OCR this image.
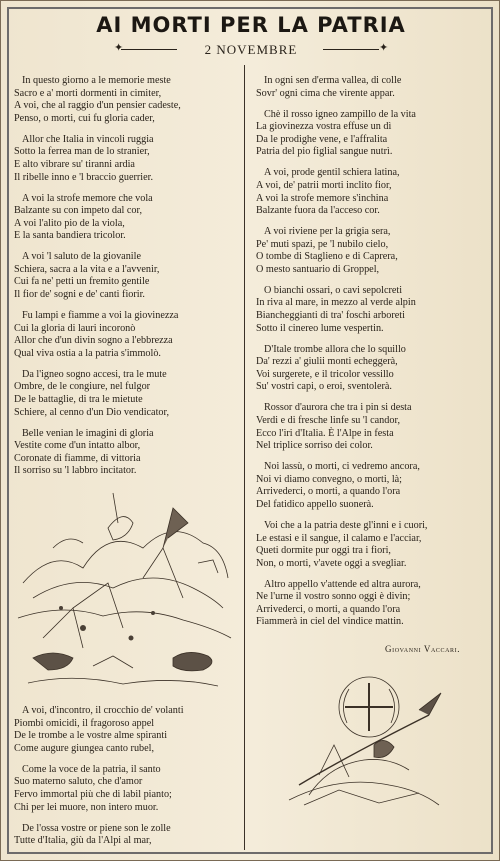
AI MORTI PER LA PATRIA
✦	2 NOVEMBRE	✦
In questo giorno a le memorie meste
Sacro e a' morti dormenti in cimiter,
A voi, che al raggio d'un pensier cadeste,
Penso, o morti, cui fu gloria cader,
Allor che Italia in vincoli ruggia
Sotto la ferrea man de lo stranier,
E alto vibrare su' tiranni ardia
Il ribelle inno e 'l braccio guerrier.
A voi la strofe memore che vola
Balzante su con impeto dal cor,
A voi l'alito pio de la viola,
E la santa bandiera tricolor.
A voi 'l saluto de la giovanile
Schiera, sacra a la vita e a l'avvenir,
Cui fa ne' petti un fremito gentile
Il fior de' sogni e de' canti fiorir.
Fu lampi e fiamme a voi la giovinezza
Cui la gloria di lauri incoronò
Allor che d'un divin sogno a l'ebbrezza
Qual viva ostia a la patria s'immolò.
Da l'igneo sogno accesi, tra le mute
Ombre, de le congiure, nel fulgor
De le battaglie, di tra le mietute
Schiere, al cenno d'un Dio vendicator,
Belle venian le imagini di gloria
Vestite come d'un intatto albor,
Coronate di fiamme, di vittoria
Il sorriso su 'l labbro incitator.
A voi, d'incontro, il crocchio de' volanti
Piombi omicidi, il fragoroso appel
De le trombe a le vostre alme spiranti
Come augure giungea canto rubel,
Come la voce de la patria, il santo
Suo materno saluto, che d'amor
Fervo immortal più che di labil pianto;
Chi per lei muore, non intero muor.
De l'ossa vostre or piene son le zolle
Tutte d'Italia, giù da l'Alpi al mar,
In ogni sen d'erma vallea, di colle
Sovr' ogni cima che virente appar.
Chè il rosso igneo zampillo de la vita
La giovinezza vostra effuse un dì
Da le prodighe vene, e l'affralita
Patria del pio figlial sangue nutrì.
A voi, prode gentil schiera latina,
A voi, de' patrii morti inclito fior,
A voi la strofe memore s'inchina
Balzante fuora da l'acceso cor.
A voi riviene per la grigia sera,
Pe' muti spazi, pe 'l nubilo cielo,
O tombe di Staglieno e di Caprera,
O mesto santuario di Groppel,
O bianchi ossari, o cavi sepolcreti
In riva al mare, in mezzo al verde alpin
Biancheggianti di tra' foschi arboreti
Sotto il cinereo lume vespertin.
D'Itale trombe allora che lo squillo
Da' rezzi a' giulii monti echeggerà,
Voi surgerete, e il tricolor vessillo
Su' vostri capi, o eroi, sventolerà.
Rossor d'aurora che tra i pin si desta
Verdi e di fresche linfe su 'l candor,
Ecco l'iri d'Italia. È l'Alpe in festa
Nel triplice sorriso dei color.
Noi lassù, o morti, ci vedremo ancora,
Noi vi diamo convegno, o morti, là;
Arrivederci, o morti, a quando l'ora
Del fatidico appello suonerà.
Voi che a la patria deste gl'inni e i cuori,
Le estasi e il sangue, il calamo e l'acciar,
Queti dormite pur oggi tra i fiori,
Non, o morti, v'avete oggi a svegliar.
Altro appello v'attende ed altra aurora,
Ne l'urne il vostro sonno oggi è divin;
Arrivederci, o morti, a quando l'ora
Fiammerà in ciel del vindice mattin.
Giovanni Vaccari.
